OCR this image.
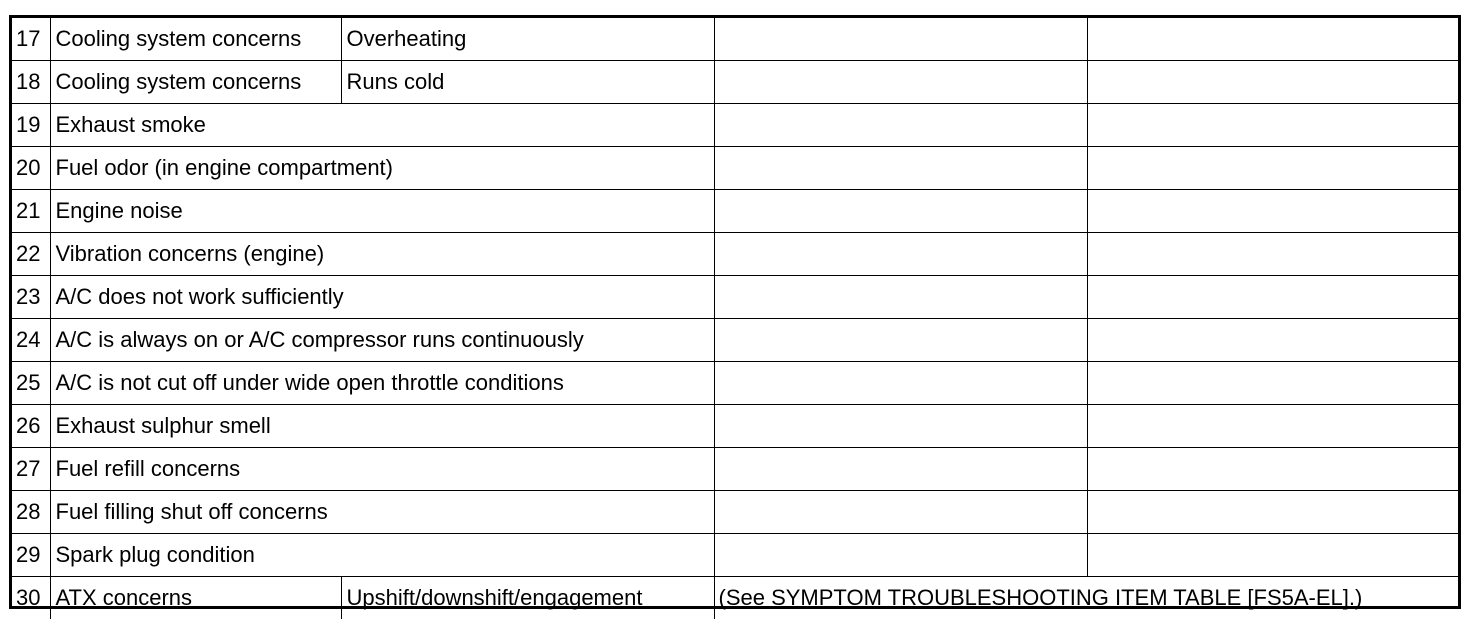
17	Cooling system concerns	Overheating		
18	Cooling system concerns	Runs cold		
19	Exhaust smoke			
20	Fuel odor (in engine compartment)			
21	Engine noise			
22	Vibration concerns (engine)			
23	A/C does not work sufficiently			
24	A/C is always on or A/C compressor runs continuously			
25	A/C is not cut off under wide open throttle conditions			
26	Exhaust sulphur smell			
27	Fuel refill concerns			
28	Fuel filling shut off concerns			
29	Spark plug condition			
30	ATX concerns	Upshift/downshift/engagement	(See SYMPTOM TROUBLESHOOTING ITEM TABLE [FS5A-EL].)	
